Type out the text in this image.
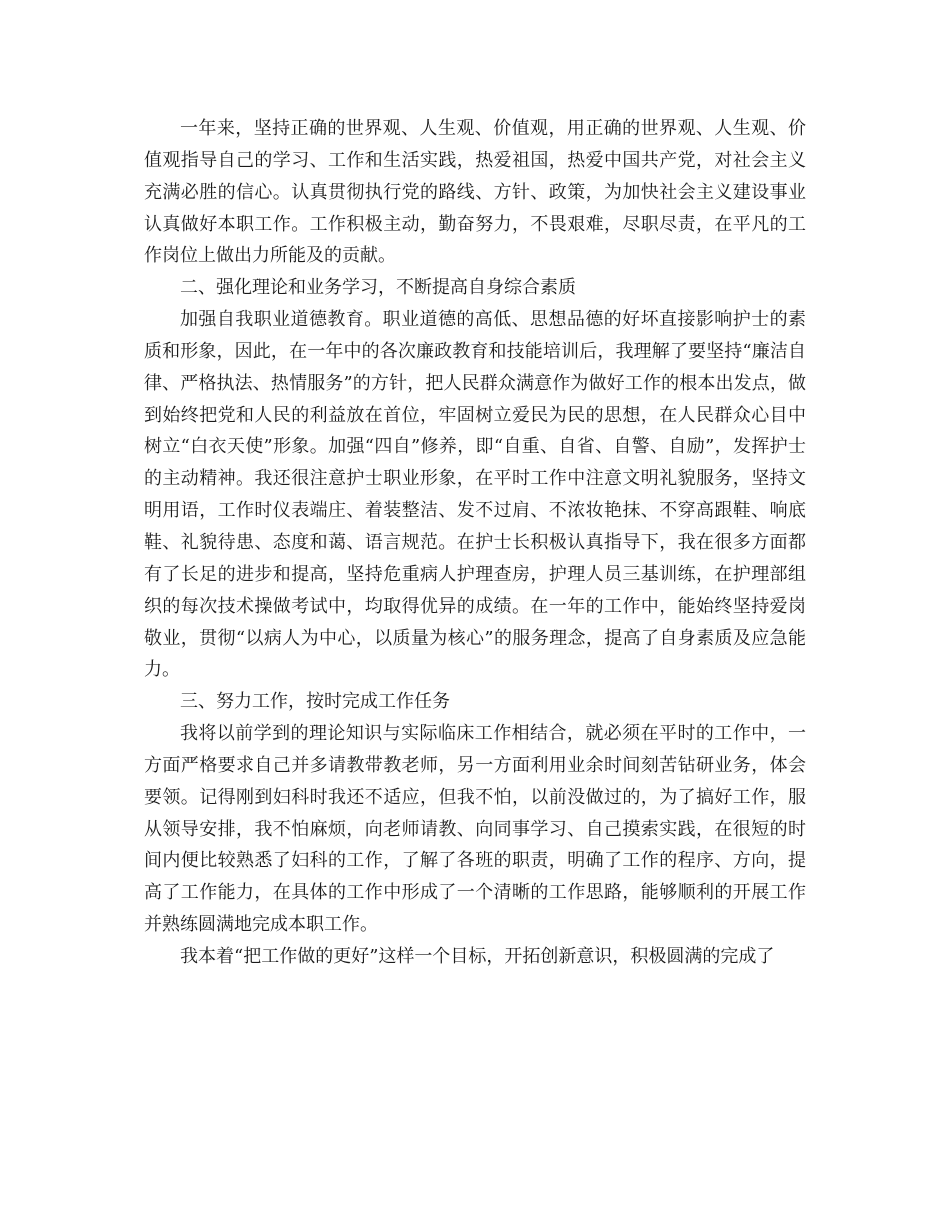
一年来，坚持正确的世界观、人生观、价值观，用正确的世界观、人生观、价值观指导自己的学习、工作和生活实践，热爱祖国，热爱中国共产党，对社会主义充满必胜的信心。认真贯彻执行党的路线、方针、政策，为加快社会主义建设事业认真做好本职工作。工作积极主动，勤奋努力，不畏艰难，尽职尽责，在平凡的工作岗位上做出力所能及的贡献。

二、强化理论和业务学习，不断提高自身综合素质

加强自我职业道德教育。职业道德的高低、思想品德的好坏直接影响护士的素质和形象，因此，在一年中的各次廉政教育和技能培训后，我理解了要坚持“廉洁自律、严格执法、热情服务”的方针，把人民群众满意作为做好工作的根本出发点，做到始终把党和人民的利益放在首位，牢固树立爱民为民的思想，在人民群众心目中树立“白衣天使”形象。加强“四自”修养，即“自重、自省、自警、自励”，发挥护士的主动精神。我还很注意护士职业形象，在平时工作中注意文明礼貌服务，坚持文明用语，工作时仪表端庄、着装整洁、发不过肩、不浓妆艳抹、不穿高跟鞋、响底鞋、礼貌待患、态度和蔼、语言规范。在护士长积极认真指导下，我在很多方面都有了长足的进步和提高，坚持危重病人护理查房，护理人员三基训练，在护理部组织的每次技术操做考试中，均取得优异的成绩。在一年的工作中，能始终坚持爱岗敬业，贯彻“以病人为中心，以质量为核心”的服务理念，提高了自身素质及应急能力。

三、努力工作，按时完成工作任务

我将以前学到的理论知识与实际临床工作相结合，就必须在平时的工作中，一方面严格要求自己并多请教带教老师，另一方面利用业余时间刻苦钻研业务，体会要领。记得刚到妇科时我还不适应，但我不怕，以前没做过的，为了搞好工作，服从领导安排，我不怕麻烦，向老师请教、向同事学习、自己摸索实践，在很短的时间内便比较熟悉了妇科的工作，了解了各班的职责，明确了工作的程序、方向，提高了工作能力，在具体的工作中形成了一个清晰的工作思路，能够顺利的开展工作并熟练圆满地完成本职工作。

我本着“把工作做的更好”这样一个目标，开拓创新意识，积极圆满的完成了
